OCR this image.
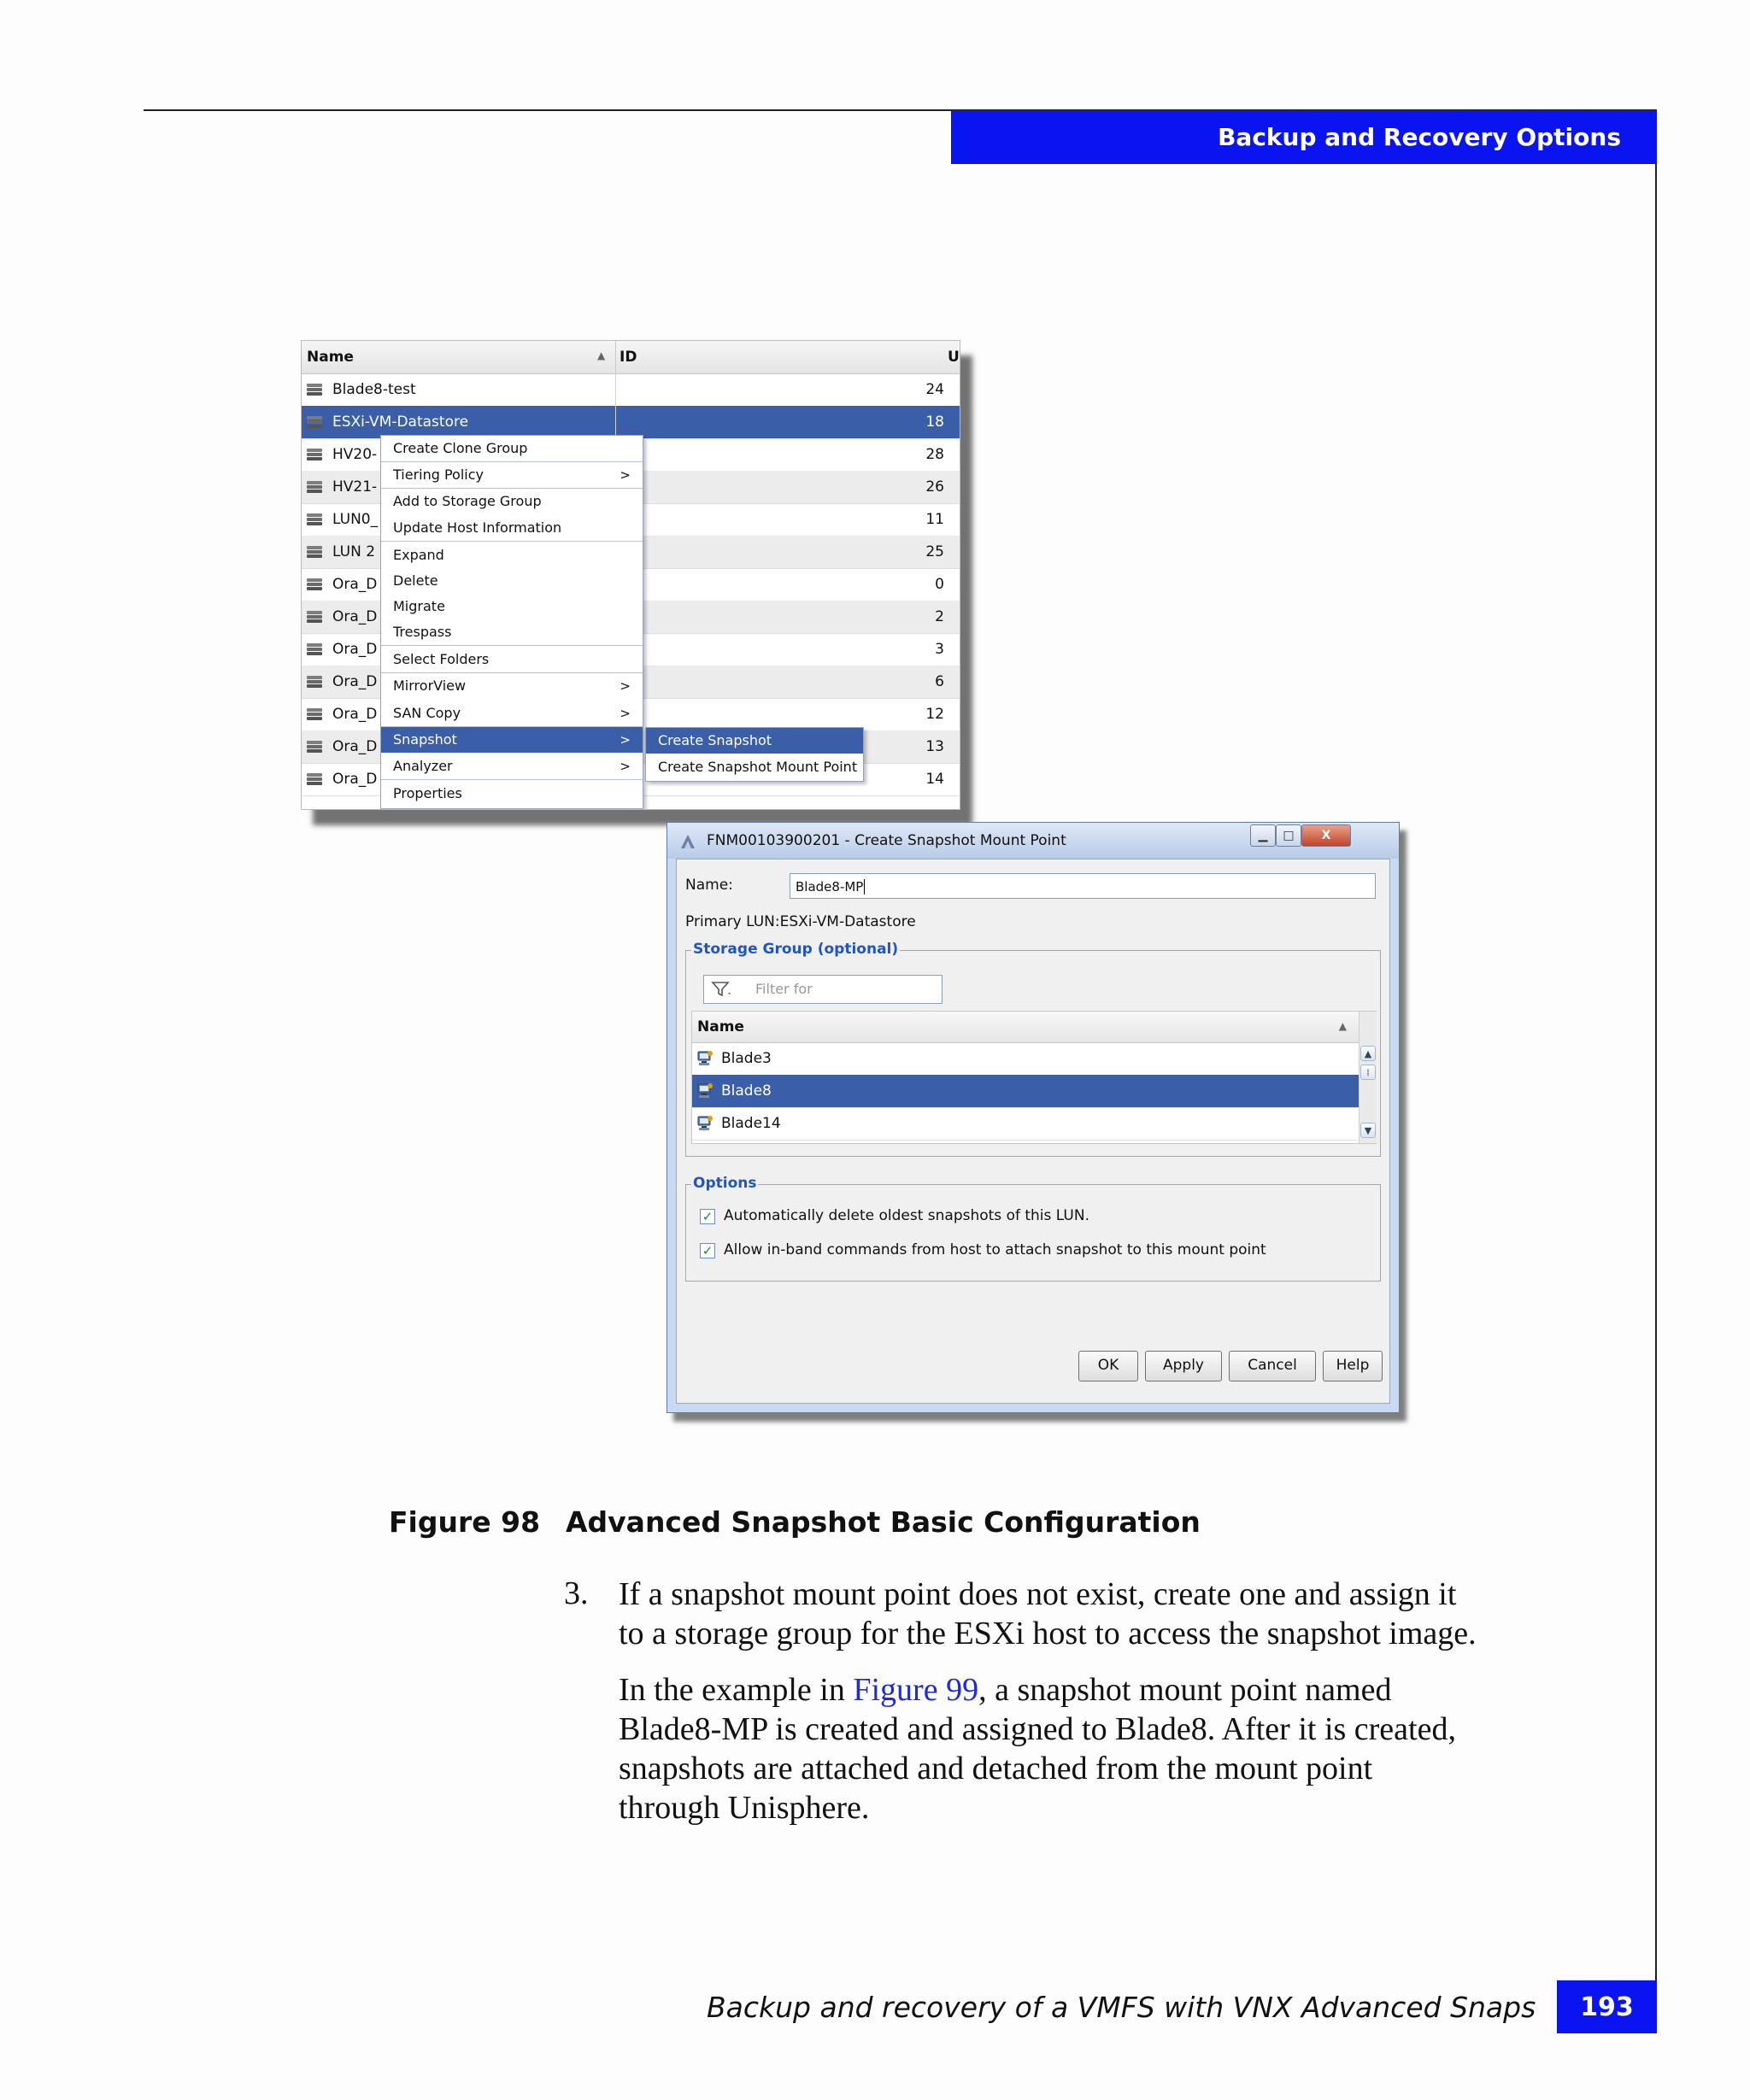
Backup and Recovery Options
Name	▲ ID	U
Blade8-test	24
ESXi-VM-Datastore	18
HV20-	28
HV21-	26
LUN0_	11
LUN 2	25
Ora_D	0
Ora_D	2
Ora_D	3
Ora_D	6
Ora_D	12
Ora_D	13
Ora_D	14
Create Clone Group
Tiering Policy	>
Add to Storage Group
Update Host Information
Expand
Delete
Migrate
Trespass
Select Folders
MirrorView	>
SAN Copy	>
Snapshot	>
Analyzer	>
Properties
Create Snapshot
Create Snapshot Mount Point
FNM00103900201 - Create Snapshot Mount Point	▁	□	X
Name:	Blade8-MP
Primary LUN:ESXi-VM-Datastore
Storage Group (optional)
Filter for
Name	▲
Blade3
Blade8
Blade14
▲
⁞
▼
Options
✓ Automatically delete oldest snapshots of this LUN.
✓ Allow in-band commands from host to attach snapshot to this mount point
OK	Apply	Cancel	Help
Figure 98 Advanced Snapshot Basic Configuration
3. If a snapshot mount point does not exist, create one and assign it
to a storage group for the ESXi host to access the snapshot image.
In the example in Figure 99, a snapshot mount point named
Blade8-MP is created and assigned to Blade8. After it is created,
snapshots are attached and detached from the mount point
through Unisphere.
Backup and recovery of a VMFS with VNX Advanced Snaps 193
